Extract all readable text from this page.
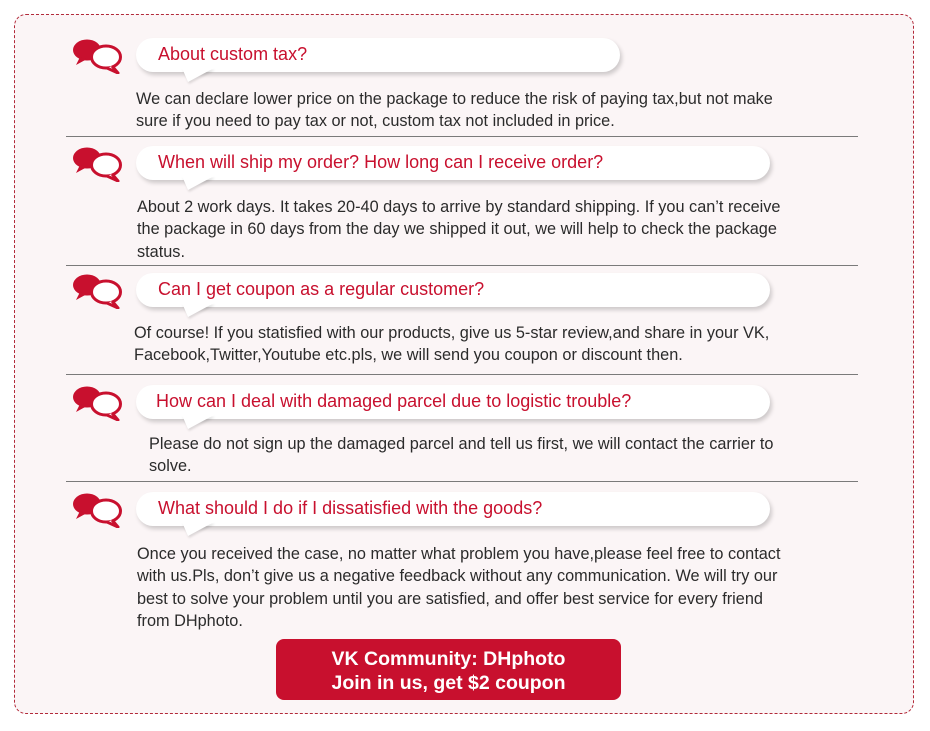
About custom tax?
We can declare lower price on the package to reduce the risk of paying tax,but not make
sure if you need to pay tax or not, custom tax not included in price.
When will ship my order? How long can I receive order?
About 2 work days. It takes 20-40 days to arrive by standard shipping. If you can’t receive
the package in 60 days from the day we shipped it out, we will help to check the package
status.
Can I get coupon as a regular customer?
Of course! If you statisfied with our products, give us 5-star review,and share in your VK,
Facebook,Twitter,Youtube etc.pls, we will send you coupon or discount then.
How can I deal with damaged parcel due to logistic trouble?
Please do not sign up the damaged parcel and tell us first, we will contact the carrier to
solve.
What should I do if I dissatisfied with the goods?
Once you received the case, no matter what problem you have,please feel free to contact
with us.Pls, don’t give us a negative feedback without any communication. We will try our
best to solve your problem until you are satisfied, and offer best service for every friend
from DHphoto.
VK Community: DHphoto
Join in us, get $2 coupon
